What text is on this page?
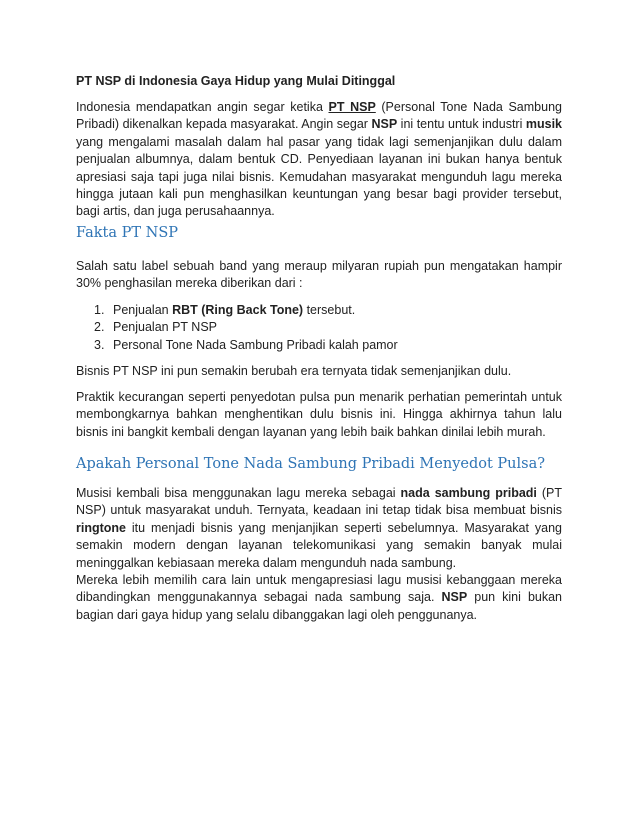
PT NSP di Indonesia Gaya Hidup yang Mulai Ditinggal

Indonesia mendapatkan angin segar ketika PT NSP (Personal Tone Nada Sambung Pribadi) dikenalkan kepada masyarakat. Angin segar NSP ini tentu untuk industri musik yang mengalami masalah dalam hal pasar yang tidak lagi semenjanjikan dulu dalam penjualan albumnya, dalam bentuk CD. Penyediaan layanan ini bukan hanya bentuk apresiasi saja tapi juga nilai bisnis. Kemudahan masyarakat mengunduh lagu mereka hingga jutaan kali pun menghasilkan keuntungan yang besar bagi provider tersebut, bagi artis, dan juga perusahaannya.

Fakta PT NSP

Salah satu label sebuah band yang meraup milyaran rupiah pun mengatakan hampir 30% penghasilan mereka diberikan dari :

1. Penjualan RBT (Ring Back Tone) tersebut.
2. Penjualan PT NSP
3. Personal Tone Nada Sambung Pribadi kalah pamor

Bisnis PT NSP ini pun semakin berubah era ternyata tidak semenjanjikan dulu.

Praktik kecurangan seperti penyedotan pulsa pun menarik perhatian pemerintah untuk membongkarnya bahkan menghentikan dulu bisnis ini. Hingga akhirnya tahun lalu bisnis ini bangkit kembali dengan layanan yang lebih baik bahkan dinilai lebih murah.

Apakah Personal Tone Nada Sambung Pribadi Menyedot Pulsa?

Musisi kembali bisa menggunakan lagu mereka sebagai nada sambung pribadi (PT NSP) untuk masyarakat unduh. Ternyata, keadaan ini tetap tidak bisa membuat bisnis ringtone itu menjadi bisnis yang menjanjikan seperti sebelumnya. Masyarakat yang semakin modern dengan layanan telekomunikasi yang semakin banyak mulai meninggalkan kebiasaan mereka dalam mengunduh nada sambung.

Mereka lebih memilih cara lain untuk mengapresiasi lagu musisi kebanggaan mereka dibandingkan menggunakannya sebagai nada sambung saja. NSP pun kini bukan bagian dari gaya hidup yang selalu dibanggakan lagi oleh penggunanya.
